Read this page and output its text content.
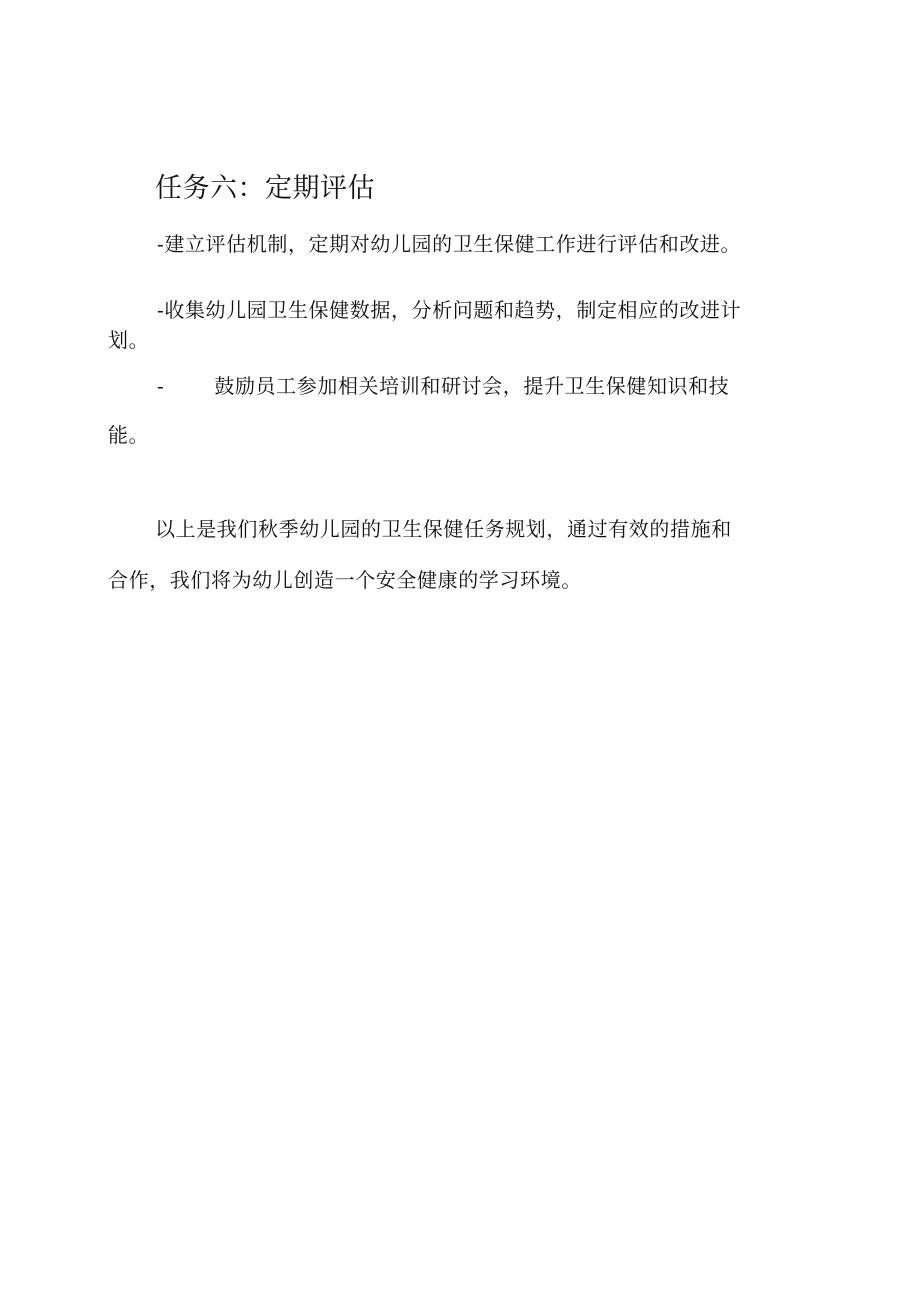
任务六：定期评估
-建立评估机制，定期对幼儿园的卫生保健工作进行评估和改进。
-收集幼儿园卫生保健数据，分析问题和趋势，制定相应的改进计
划。
-	鼓励员工参加相关培训和研讨会，提升卫生保健知识和技
能。
以上是我们秋季幼儿园的卫生保健任务规划，通过有效的措施和
合作，我们将为幼儿创造一个安全健康的学习环境。
